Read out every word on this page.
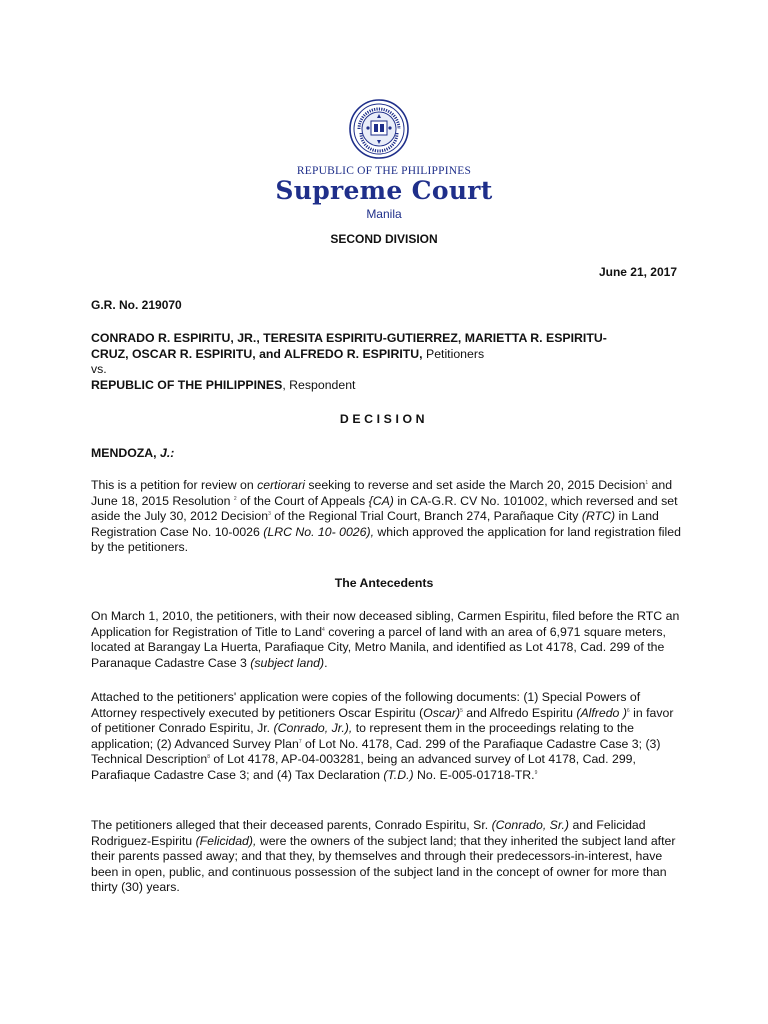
REPUBLIC OF THE PHILIPPINES
Supreme Court
Manila
SECOND DIVISION
June 21, 2017
G.R. No. 219070
CONRADO R. ESPIRITU, JR., TERESITA ESPIRITU-GUTIERREZ, MARIETTA R. ESPIRITU-
CRUZ, OSCAR R. ESPIRITU, and ALFREDO R. ESPIRITU, Petitioners
vs.
REPUBLIC OF THE PHILIPPINES, Respondent
DECISION
MENDOZA, J.:

This is a petition for review on certiorari seeking to reverse and set aside the March 20, 2015 Decision$^1$ and June 18, 2015 Resolution $^2$ of the Court of Appeals {CA) in CA-G.R. CV No. 101002, which reversed and set aside the July 30, 2012 Decision$^3$ of the Regional Trial Court, Branch 274, Parañaque City (RTC) in Land Registration Case No. 10-0026 (LRC No. 10- 0026), which approved the application for land registration filed by the petitioners.

The Antecedents

On March 1, 2010, the petitioners, with their now deceased sibling, Carmen Espiritu, filed before the RTC an Application for Registration of Title to Land$^4$ covering a parcel of land with an area of 6,971 square meters, located at Barangay La Huerta, Parafiaque City, Metro Manila, and identified as Lot 4178, Cad. 299 of the Paranaque Cadastre Case 3 (subject land).

Attached to the petitioners' application were copies of the following documents: (1) Special Powers of Attorney respectively executed by petitioners Oscar Espiritu (Oscar)$^5$ and Alfredo Espiritu (Alfredo )$^6$ in favor of petitioner Conrado Espiritu, Jr. (Conrado, Jr.), to represent them in the proceedings relating to the application; (2) Advanced Survey Plan$^7$ of Lot No. 4178, Cad. 299 of the Parafiaque Cadastre Case 3; (3) Technical Description$^8$ of Lot 4178, AP-04-003281, being an advanced survey of Lot 4178, Cad. 299, Parafiaque Cadastre Case 3; and (4) Tax Declaration (T.D.) No. E-005-01718-TR.$^9$

The petitioners alleged that their deceased parents, Conrado Espiritu, Sr. (Conrado, Sr.) and Felicidad Rodriguez-Espiritu (Felicidad), were the owners of the subject land; that they inherited the subject land after their parents passed away; and that they, by themselves and through their predecessors-in-interest, have been in open, public, and continuous possession of the subject land in the concept of owner for more than thirty (30) years.
